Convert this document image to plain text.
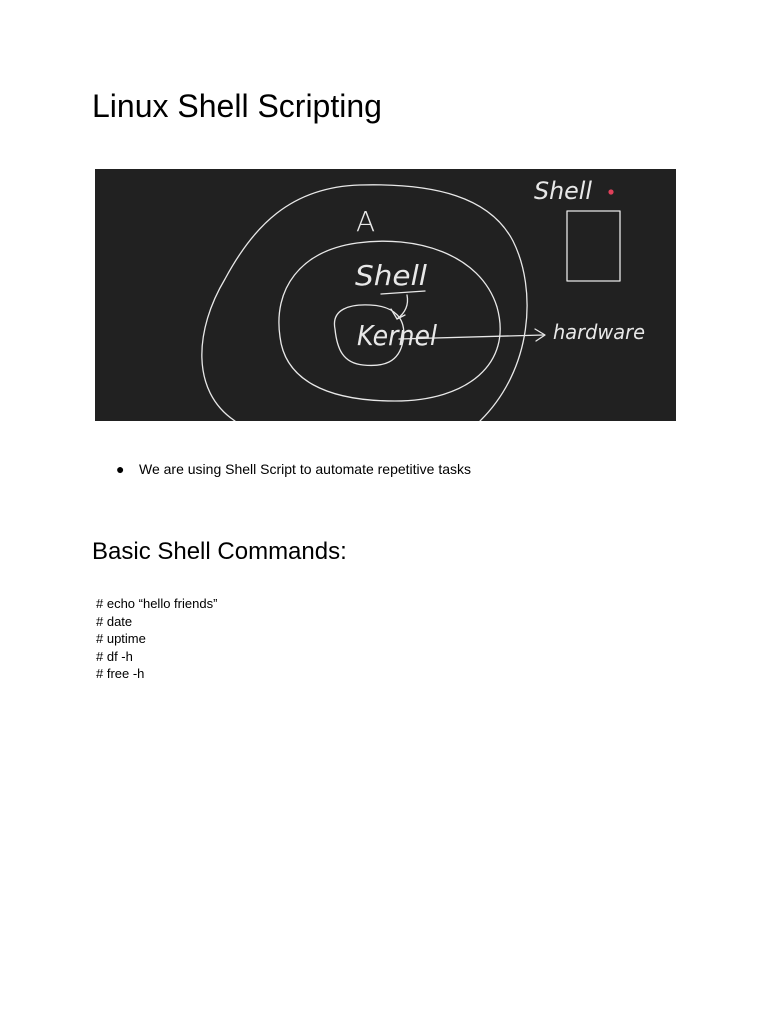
Linux Shell Scripting
A
Shell
Kernel	hardware
Shell
● We are using Shell Script to automate repetitive tasks
Basic Shell Commands:
# echo “hello friends”
# date
# uptime
# df -h
# free -h
